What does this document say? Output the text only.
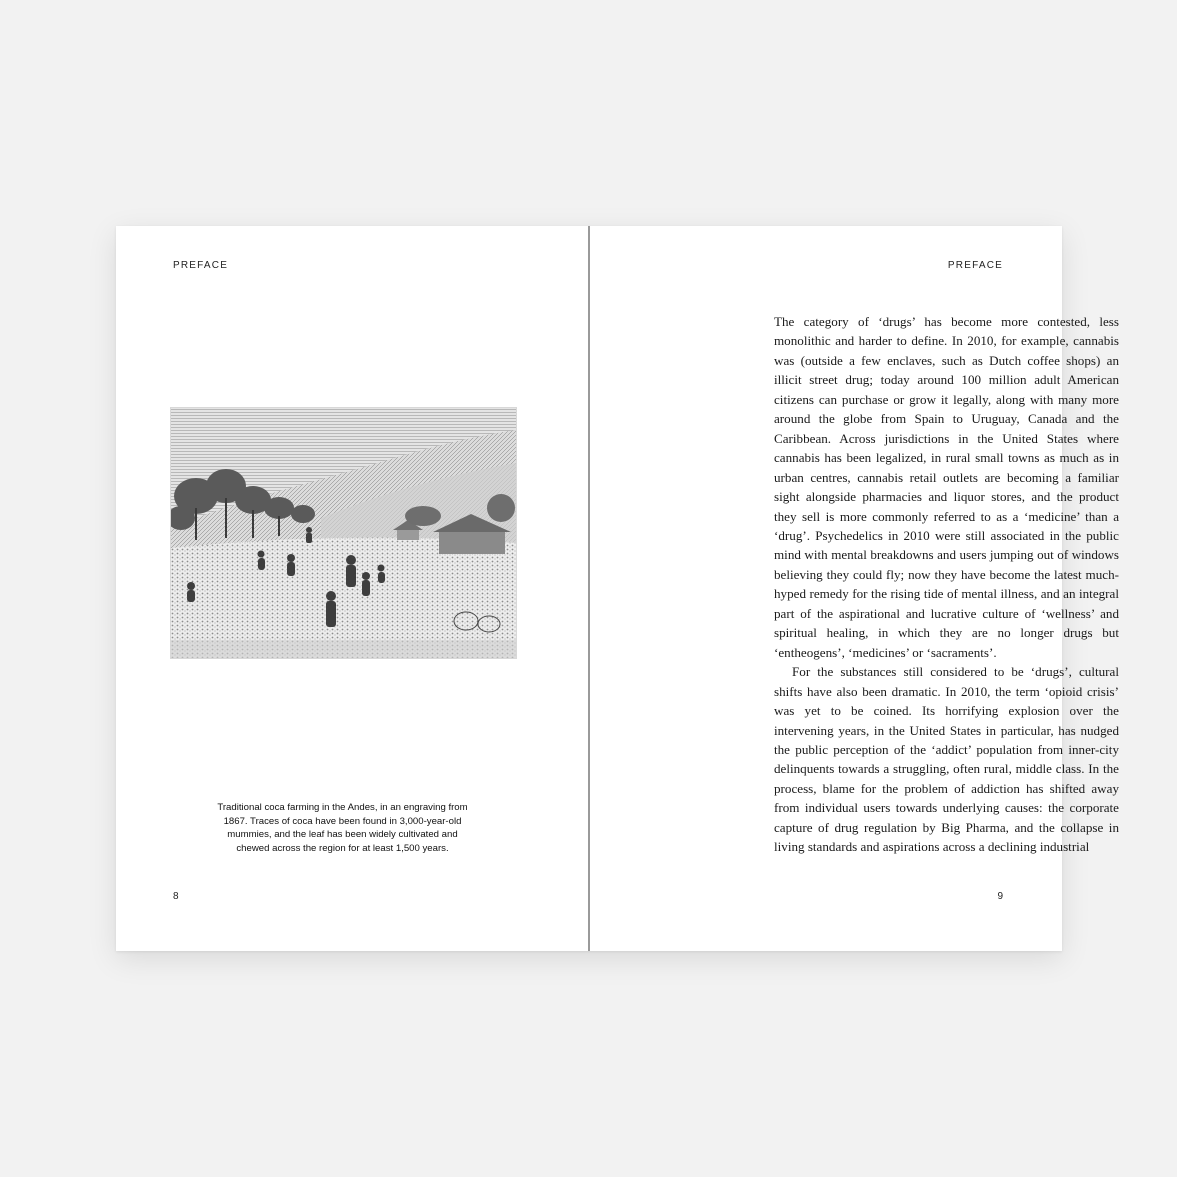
PREFACE
Traditional coca farming in the Andes, in an engraving from 1867. Traces of coca have been found in 3,000-year-old mummies, and the leaf has been widely cultivated and chewed across the region for at least 1,500 years.
8
PREFACE

The category of ‘drugs’ has become more contested, less monolithic and harder to define. In 2010, for example, cannabis was (outside a few enclaves, such as Dutch coffee shops) an illicit street drug; today around 100 million adult American citizens can purchase or grow it legally, along with many more around the globe from Spain to Uruguay, Canada and the Caribbean. Across jurisdictions in the United States where cannabis has been legalized, in rural small towns as much as in urban centres, cannabis retail outlets are becoming a familiar sight alongside pharmacies and liquor stores, and the product they sell is more commonly referred to as a ‘medicine’ than a ‘drug’. Psychedelics in 2010 were still associated in the public mind with mental breakdowns and users jumping out of windows believing they could fly; now they have become the latest much-hyped remedy for the rising tide of mental illness, and an integral part of the aspirational and lucrative culture of ‘wellness’ and spiritual healing, in which they are no longer drugs but ‘entheogens’, ‘medicines’ or ‘sacraments’.

For the substances still considered to be ‘drugs’, cultural shifts have also been dramatic. In 2010, the term ‘opioid crisis’ was yet to be coined. Its horrifying explosion over the intervening years, in the United States in particular, has nudged the public perception of the ‘addict’ population from inner-city delinquents towards a struggling, often rural, middle class. In the process, blame for the problem of addiction has shifted away from individual users towards underlying causes: the corporate capture of drug regulation by Big Pharma, and the collapse in living standards and aspirations across a declining industrial

9
